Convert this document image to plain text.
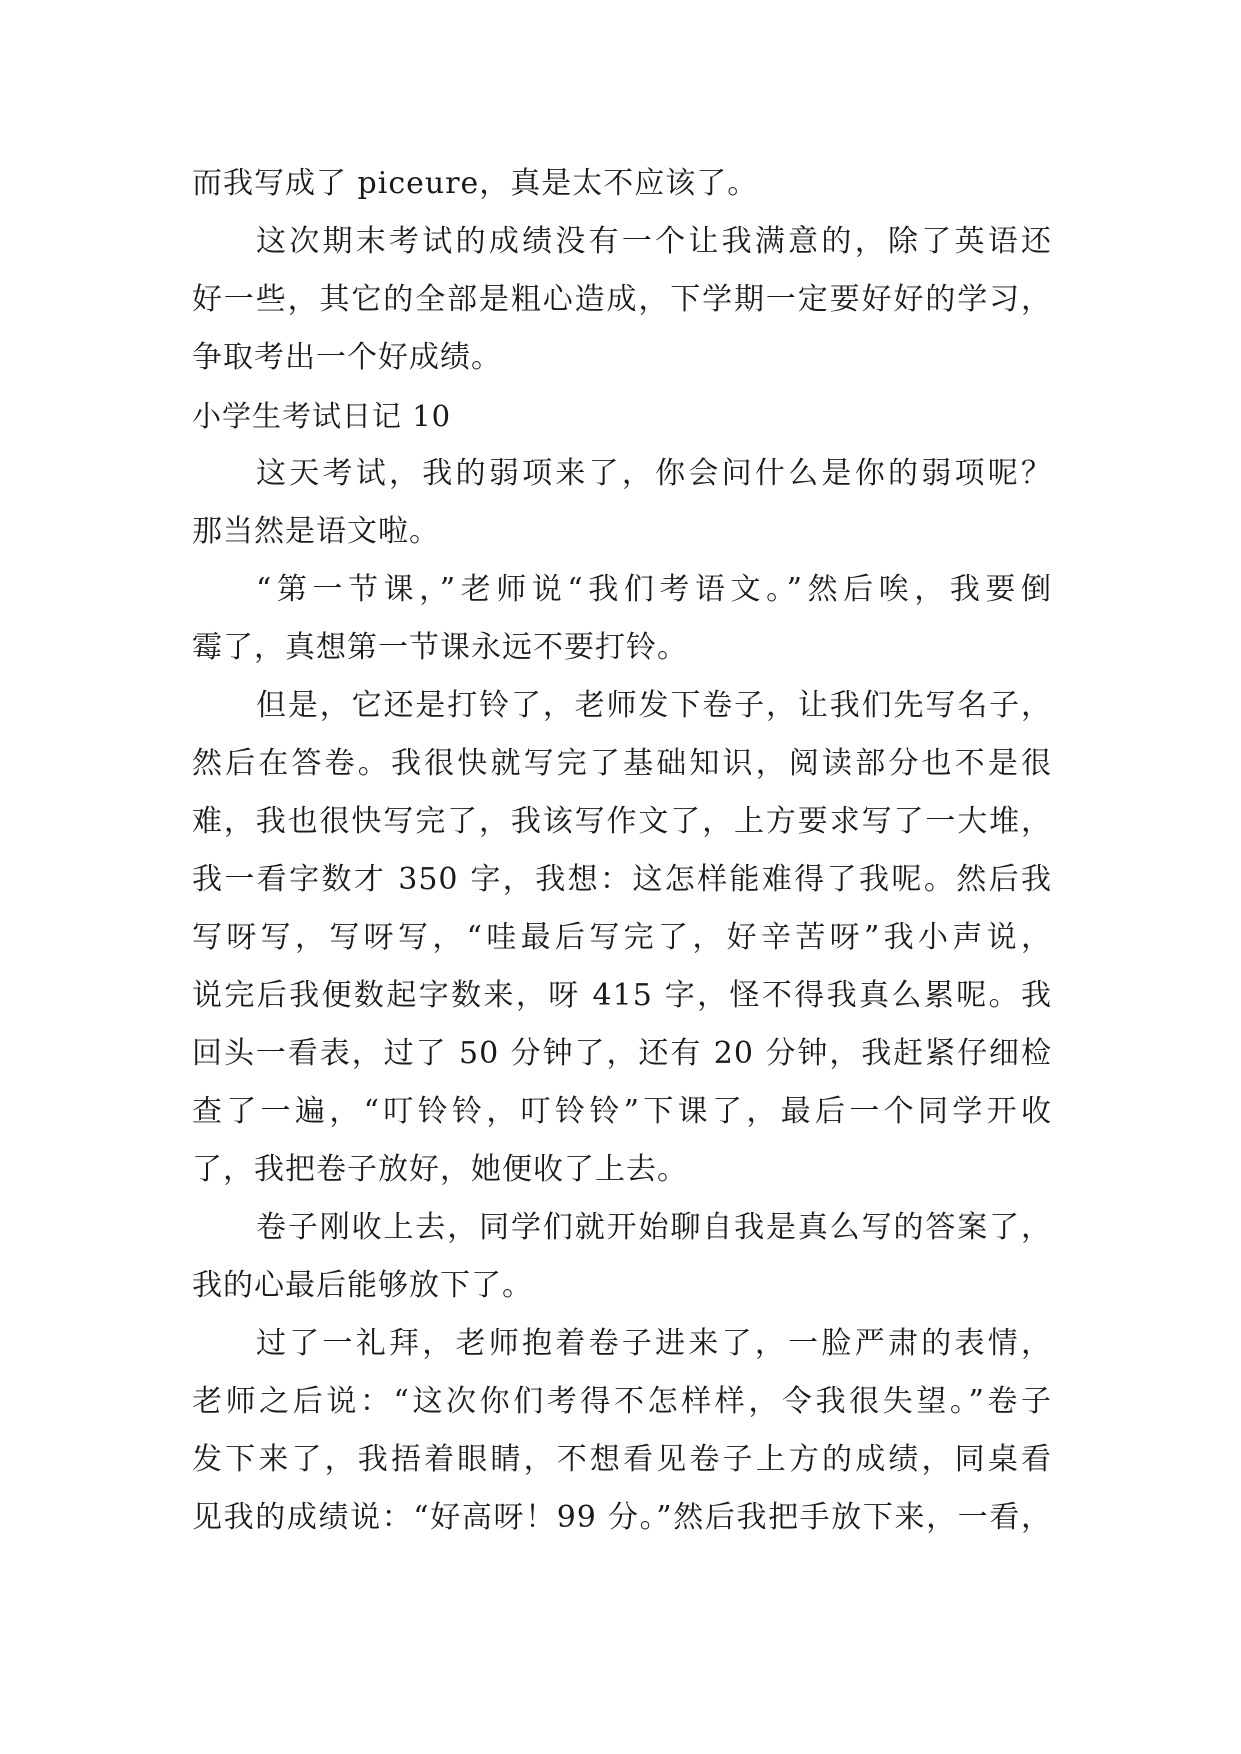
而我写成了 piceure，真是太不应该了。
这次期末考试的成绩没有一个让我满意的，除了英语还
好一些，其它的全部是粗心造成，下学期一定要好好的学习，
争取考出一个好成绩。
小学生考试日记 10
这天考试，我的弱项来了，你会问什么是你的弱项呢？
那当然是语文啦。
“第一节课，”老师说“我们考语文。”然后唉，我要倒
霉了，真想第一节课永远不要打铃。
但是，它还是打铃了，老师发下卷子，让我们先写名子，
然后在答卷。我很快就写完了基础知识，阅读部分也不是很
难，我也很快写完了，我该写作文了，上方要求写了一大堆，
我一看字数才 350 字，我想：这怎样能难得了我呢。然后我
写呀写，写呀写，“哇最后写完了，好辛苦呀”我小声说，
说完后我便数起字数来，呀 415 字，怪不得我真么累呢。我
回头一看表，过了 50 分钟了，还有 20 分钟，我赶紧仔细检
查了一遍，“叮铃铃，叮铃铃”下课了，最后一个同学开收
了，我把卷子放好，她便收了上去。
卷子刚收上去，同学们就开始聊自我是真么写的答案了，
我的心最后能够放下了。
过了一礼拜，老师抱着卷子进来了，一脸严肃的表情，
老师之后说：“这次你们考得不怎样样，令我很失望。”卷子
发下来了，我捂着眼睛，不想看见卷子上方的成绩，同桌看
见我的成绩说：“好高呀！99 分。”然后我把手放下来，一看，
